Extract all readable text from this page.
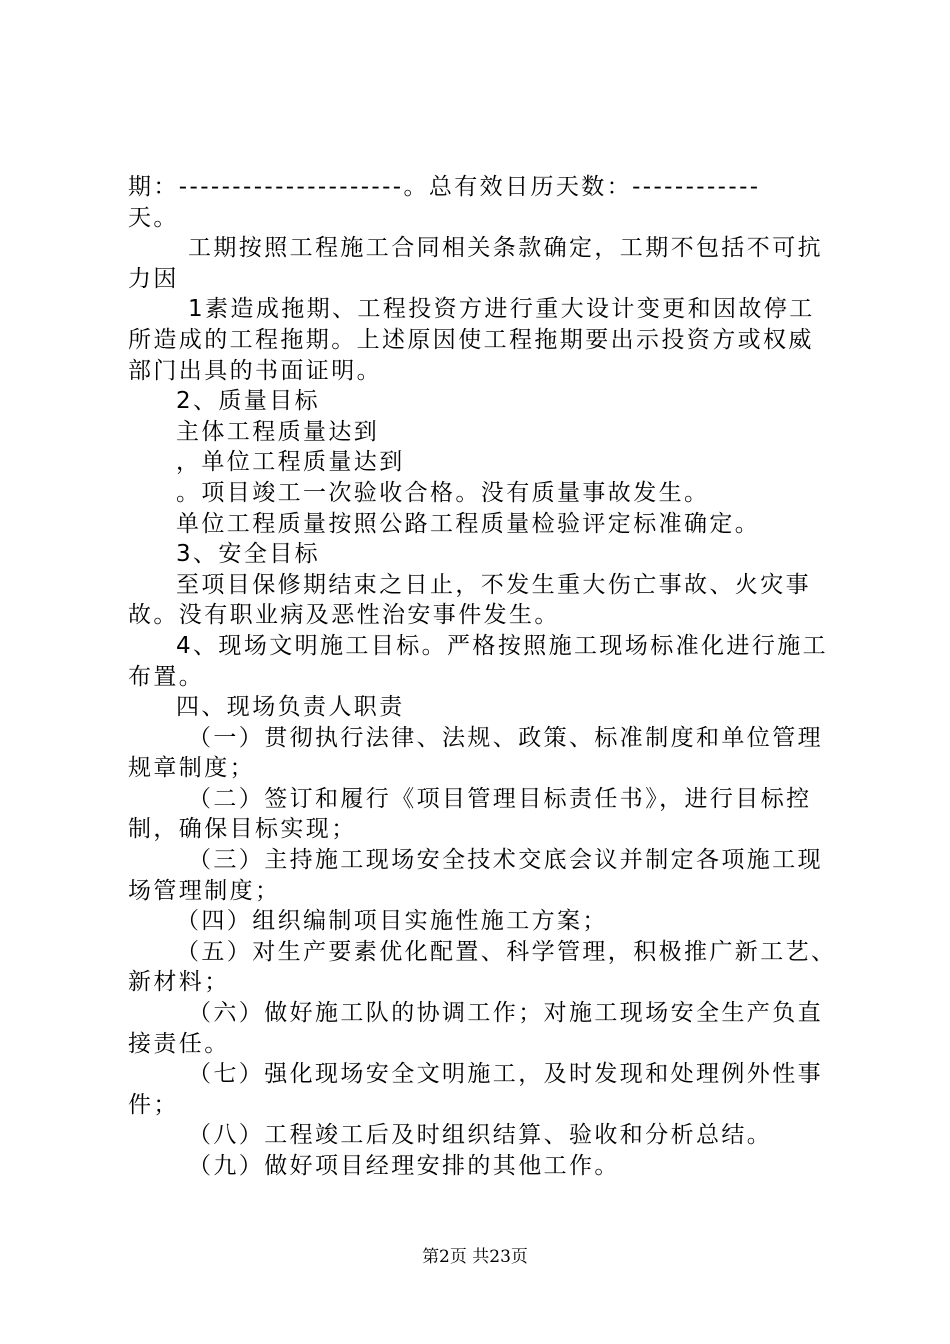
期：---------------------。总有效日历天数：------------
天。
工期按照工程施工合同相关条款确定，工期不包括不可抗
力因
1素造成拖期、工程投资方进行重大设计变更和因故停工
所造成的工程拖期。上述原因使工程拖期要出示投资方或权威
部门出具的书面证明。
2、质量目标
主体工程质量达到
，单位工程质量达到
。项目竣工一次验收合格。没有质量事故发生。
单位工程质量按照公路工程质量检验评定标准确定。
3、安全目标
至项目保修期结束之日止，不发生重大伤亡事故、火灾事
故。没有职业病及恶性治安事件发生。
4、现场文明施工目标。严格按照施工现场标准化进行施工
布置。
四、现场负责人职责
（一）贯彻执行法律、法规、政策、标准制度和单位管理
规章制度；
（二）签订和履行《项目管理目标责任书》，进行目标控
制，确保目标实现；
（三）主持施工现场安全技术交底会议并制定各项施工现
场管理制度；
（四）组织编制项目实施性施工方案；
（五）对生产要素优化配置、科学管理，积极推广新工艺、
新材料；
（六）做好施工队的协调工作；对施工现场安全生产负直
接责任。
（七）强化现场安全文明施工，及时发现和处理例外性事
件；
（八）工程竣工后及时组织结算、验收和分析总结。
（九）做好项目经理安排的其他工作。
第2页 共23页
